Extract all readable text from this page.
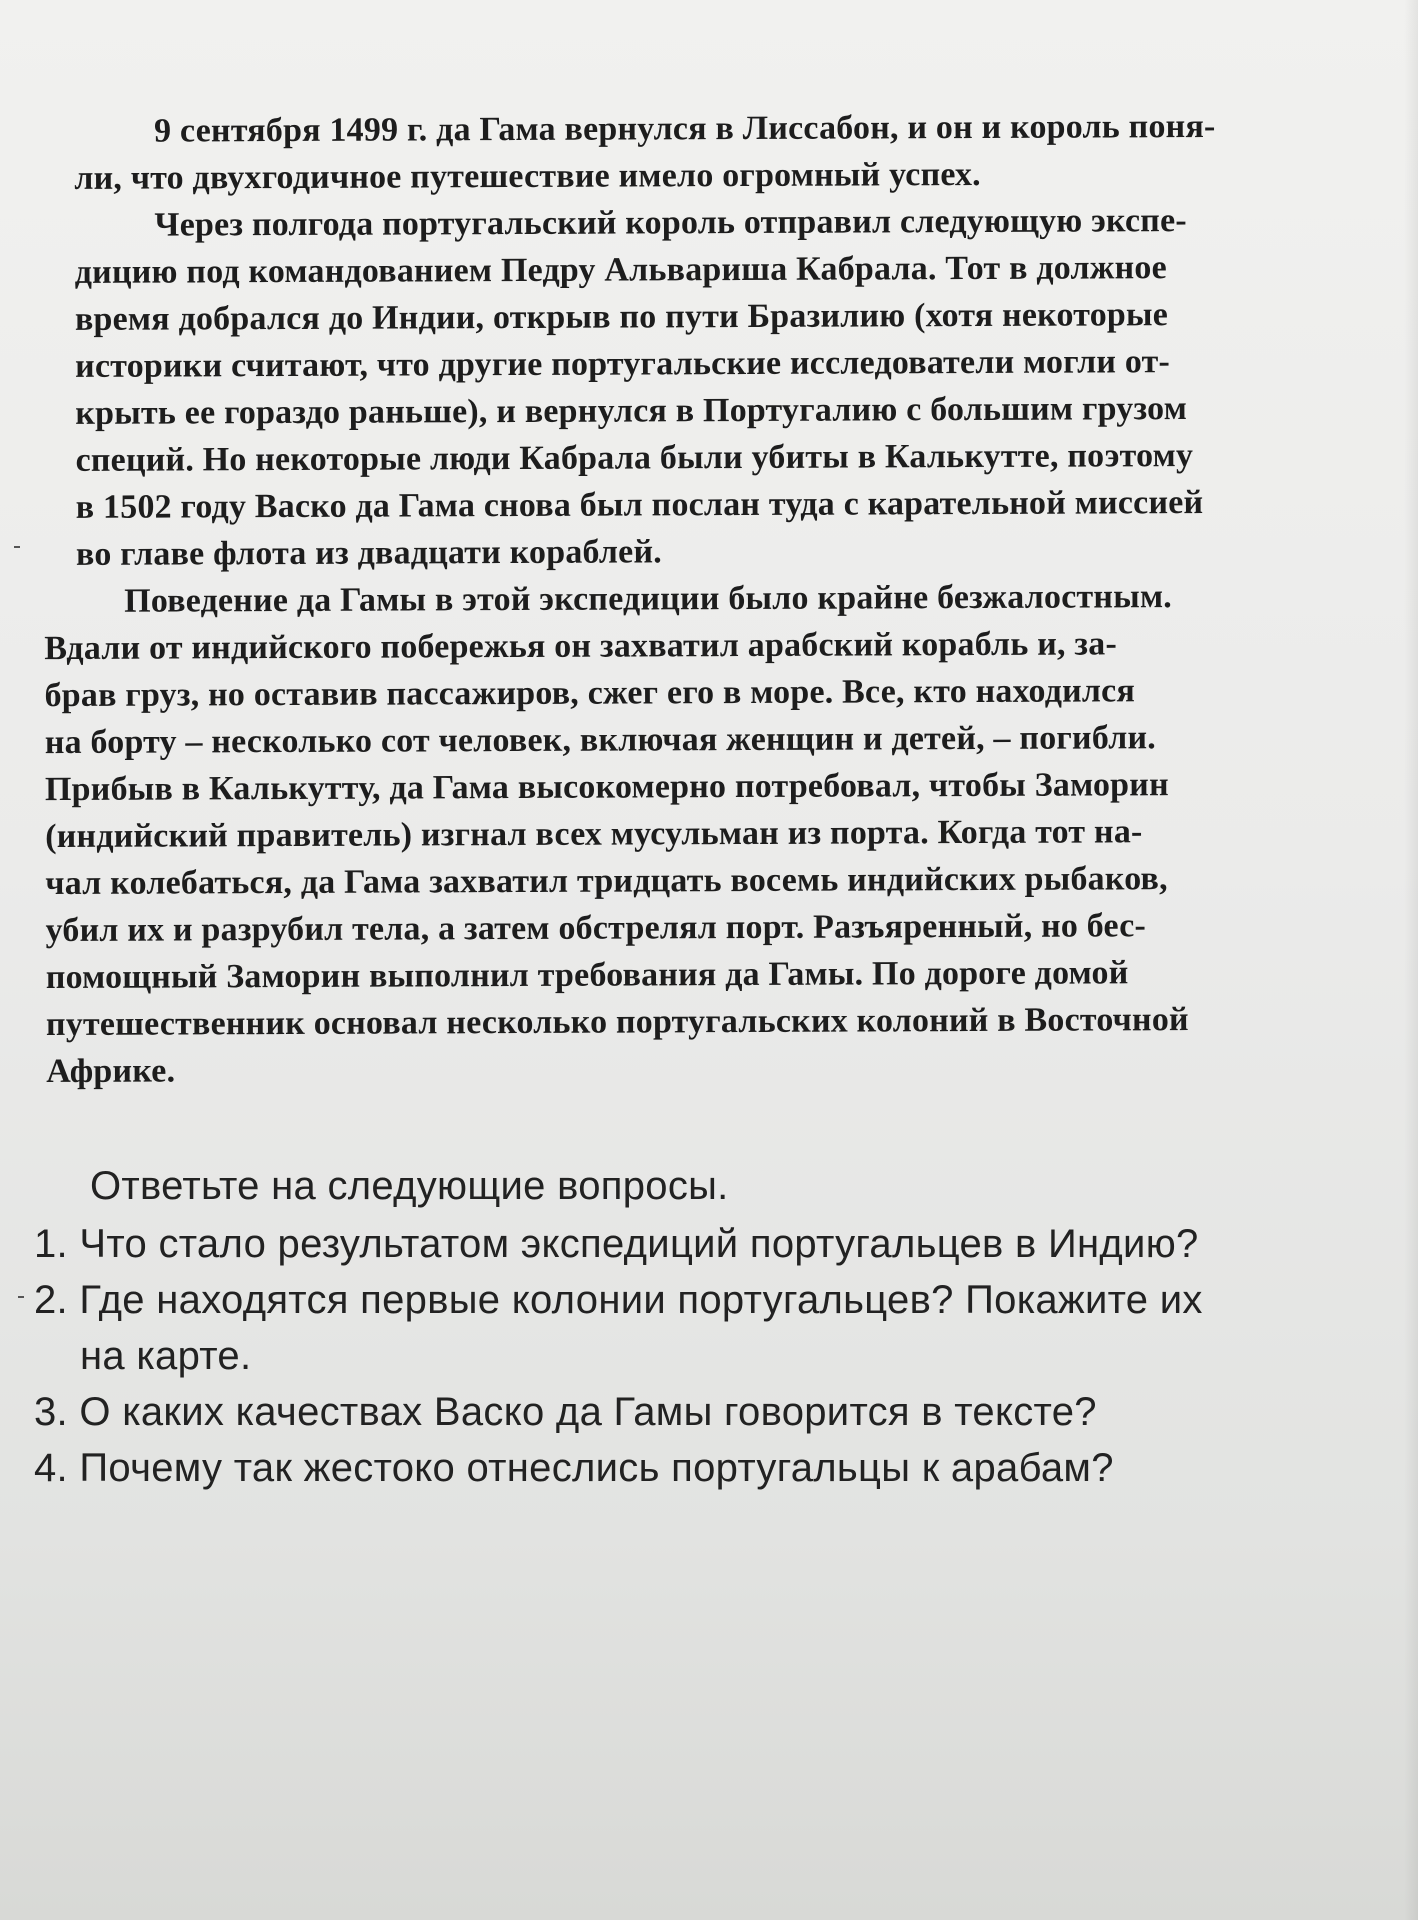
9 сентября 1499 г. да Гама вернулся в Лиссабон, и он и король поня-
ли, что двухгодичное путешествие имело огромный успех.

Через полгода португальский король отправил следующую экспе-
дицию под командованием Педру Альвариша Кабрала. Тот в должное
время добрался до Индии, открыв по пути Бразилию (хотя некоторые
историки считают, что другие португальские исследователи могли от-
крыть ее гораздо раньше), и вернулся в Португалию с большим грузом
специй. Но некоторые люди Кабрала были убиты в Калькутте, поэтому
в 1502 году Васко да Гама снова был послан туда с карательной миссией
во главе флота из двадцати кораблей.

Поведение да Гамы в этой экспедиции было крайне безжалостным.
Вдали от индийского побережья он захватил арабский корабль и, за-
брав груз, но оставив пассажиров, сжег его в море. Все, кто находился
на борту – несколько сот человек, включая женщин и детей, – погибли.
Прибыв в Калькутту, да Гама высокомерно потребовал, чтобы Заморин
(индийский правитель) изгнал всех мусульман из порта. Когда тот на-
чал колебаться, да Гама захватил тридцать восемь индийских рыбаков,
убил их и разрубил тела, а затем обстрелял порт. Разъяренный, но бес-
помощный Заморин выполнил требования да Гамы. По дороге домой
путешественник основал несколько португальских колоний в Восточной
Африке.

Ответьте на следующие вопросы.
1. Что стало результатом экспедиций португальцев в Индию?
2. Где находятся первые колонии португальцев? Покажите их
на карте.
3. О каких качествах Васко да Гамы говорится в тексте?
4. Почему так жестоко отнеслись португальцы к арабам?
